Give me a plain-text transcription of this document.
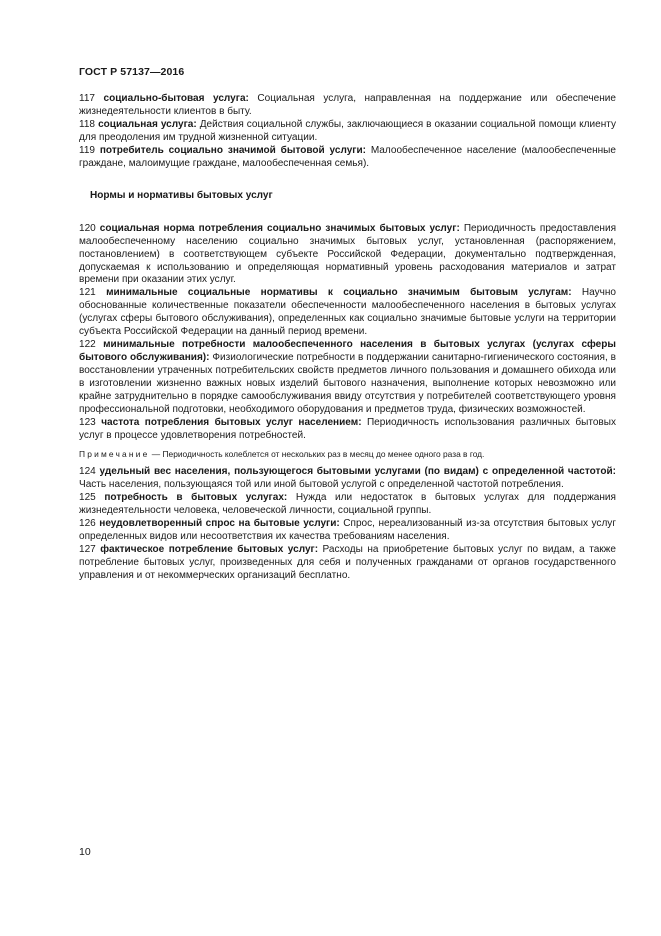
ГОСТ Р 57137—2016

117 социально-бытовая услуга: Социальная услуга, направленная на поддержание или обеспечение жизнедеятельности клиентов в быту.

118 социальная услуга: Действия социальной службы, заключающиеся в оказании социальной помощи клиенту для преодоления им трудной жизненной ситуации.

119 потребитель социально значимой бытовой услуги: Малообеспеченное население (малообеспеченные граждане, малоимущие граждане, малообеспеченная семья).

Нормы и нормативы бытовых услуг

120 социальная норма потребления социально значимых бытовых услуг: Периодичность предоставления малообеспеченному населению социально значимых бытовых услуг, установленная (распоряжением, постановлением) в соответствующем субъекте Российской Федерации, документально подтвержденная, допускаемая к использованию и определяющая нормативный уровень расходования материалов и затрат времени при оказании этих услуг.

121 минимальные социальные нормативы к социально значимым бытовым услугам: Научно обоснованные количественные показатели обеспеченности малообеспеченного населения в бытовых услугах (услугах сферы бытового обслуживания), определенных как социально значимые бытовые услуги на территории субъекта Российской Федерации на данный период времени.

122 минимальные потребности малообеспеченного населения в бытовых услугах (услугах сферы бытового обслуживания): Физиологические потребности в поддержании санитарно-гигиенического состояния, в восстановлении утраченных потребительских свойств предметов личного пользования и домашнего обихода или в изготовлении жизненно важных новых изделий бытового назначения, выполнение которых невозможно или крайне затруднительно в порядке самообслуживания ввиду отсутствия у потребителей соответствующего уровня профессиональной подготовки, необходимого оборудования и предметов труда, физических возможностей.

123 частота потребления бытовых услуг населением: Периодичность использования различных бытовых услуг в процессе удовлетворения потребностей.

Примечание — Периодичность колеблется от нескольких раз в месяц до менее одного раза в год.

124 удельный вес населения, пользующегося бытовыми услугами (по видам) с определенной частотой: Часть населения, пользующаяся той или иной бытовой услугой с определенной частотой потребления.

125 потребность в бытовых услугах: Нужда или недостаток в бытовых услугах для поддержания жизнедеятельности человека, человеческой личности, социальной группы.

126 неудовлетворенный спрос на бытовые услуги: Спрос, нереализованный из-за отсутствия бытовых услуг определенных видов или несоответствия их качества требованиям населения.

127 фактическое потребление бытовых услуг: Расходы на приобретение бытовых услуг по видам, а также потребление бытовых услуг, произведенных для себя и полученных гражданами от органов государственного управления и от некоммерческих организаций бесплатно.

10
